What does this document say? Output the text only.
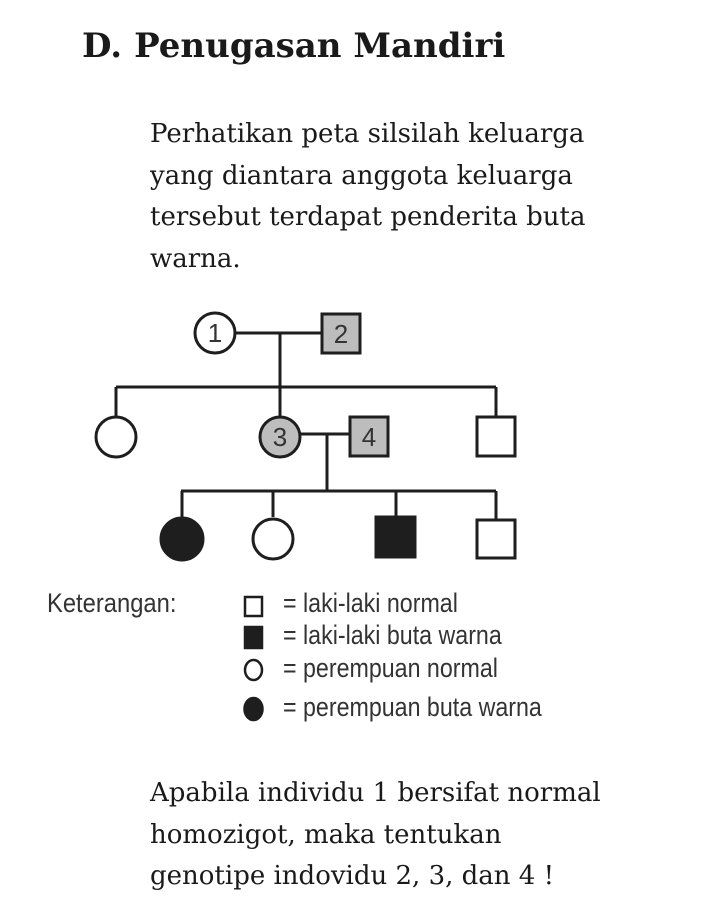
D. Penugasan Mandiri
Perhatikan peta silsilah keluarga
yang diantara anggota keluarga
tersebut terdapat penderita buta
warna.
1	2
3	4
Keterangan:	= laki-laki normal
= laki-laki buta warna
= perempuan normal
= perempuan buta warna
Apabila individu 1 bersifat normal
homozigot, maka tentukan
genotipe indovidu 2, 3, dan 4 !
